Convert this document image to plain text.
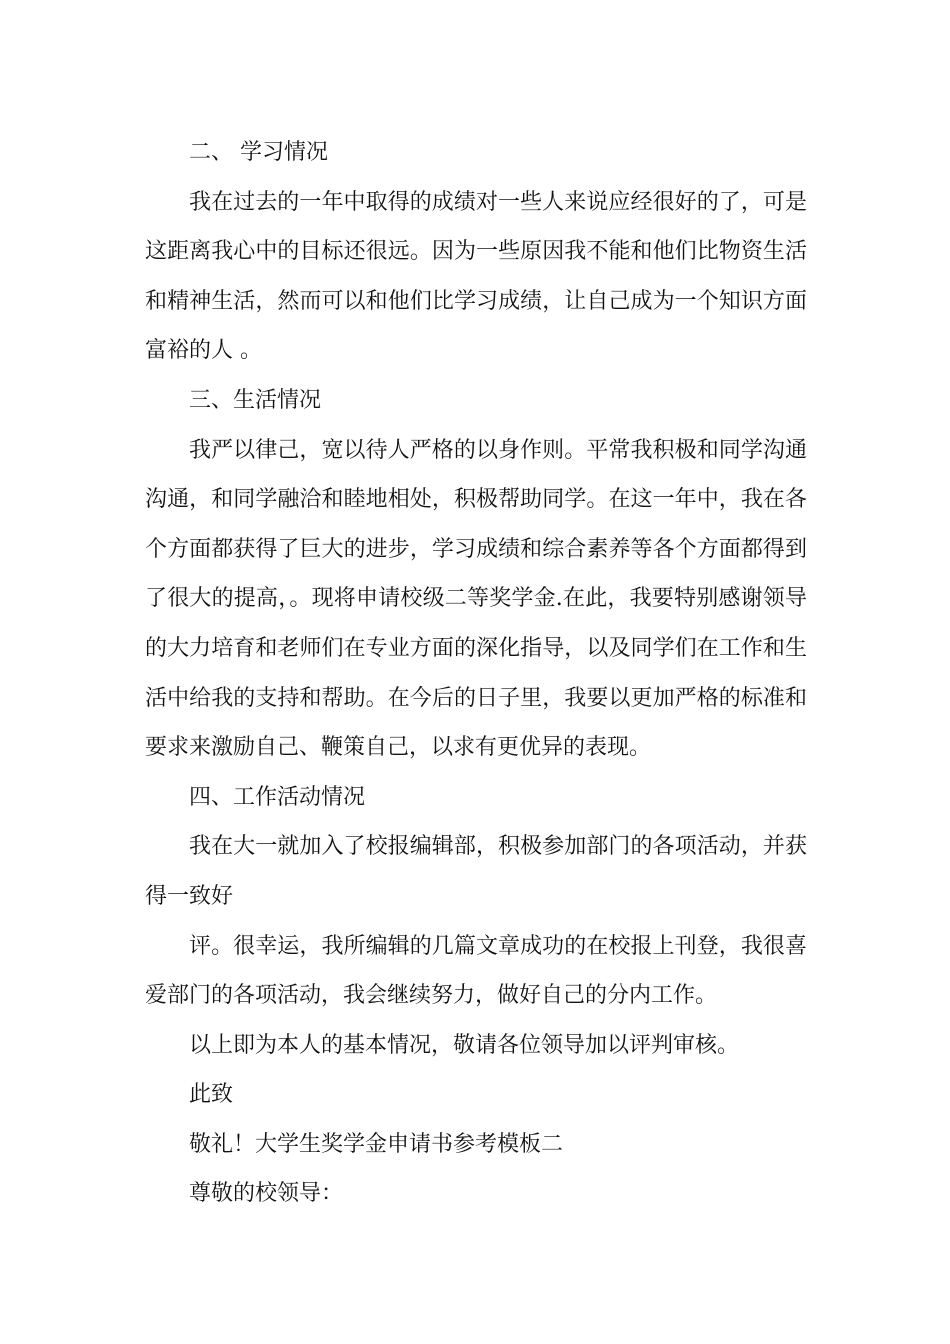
二、 学习情况

我在过去的一年中取得的成绩对一些人来说应经很好的了，可是这距离我心中的目标还很远。因为一些原因我不能和他们比物资生活和精神生活，然而可以和他们比学习成绩，让自己成为一个知识方面富裕的人 。

三、生活情况

我严以律己，宽以待人严格的以身作则。平常我积极和同学沟通沟通，和同学融洽和睦地相处，积极帮助同学。在这一年中，我在各个方面都获得了巨大的进步，学习成绩和综合素养等各个方面都得到了很大的提高，。现将申请校级二等奖学金.在此，我要特别感谢领导的大力培育和老师们在专业方面的深化指导，以及同学们在工作和生活中给我的支持和帮助。在今后的日子里，我要以更加严格的标准和要求来激励自己、鞭策自己，以求有更优异的表现。

四、工作活动情况

我在大一就加入了校报编辑部，积极参加部门的各项活动，并获得一致好

评。很幸运，我所编辑的几篇文章成功的在校报上刊登，我很喜爱部门的各项活动，我会继续努力，做好自己的分内工作。

以上即为本人的基本情况，敬请各位领导加以评判审核。

此致

敬礼！大学生奖学金申请书参考模板二

尊敬的校领导：
